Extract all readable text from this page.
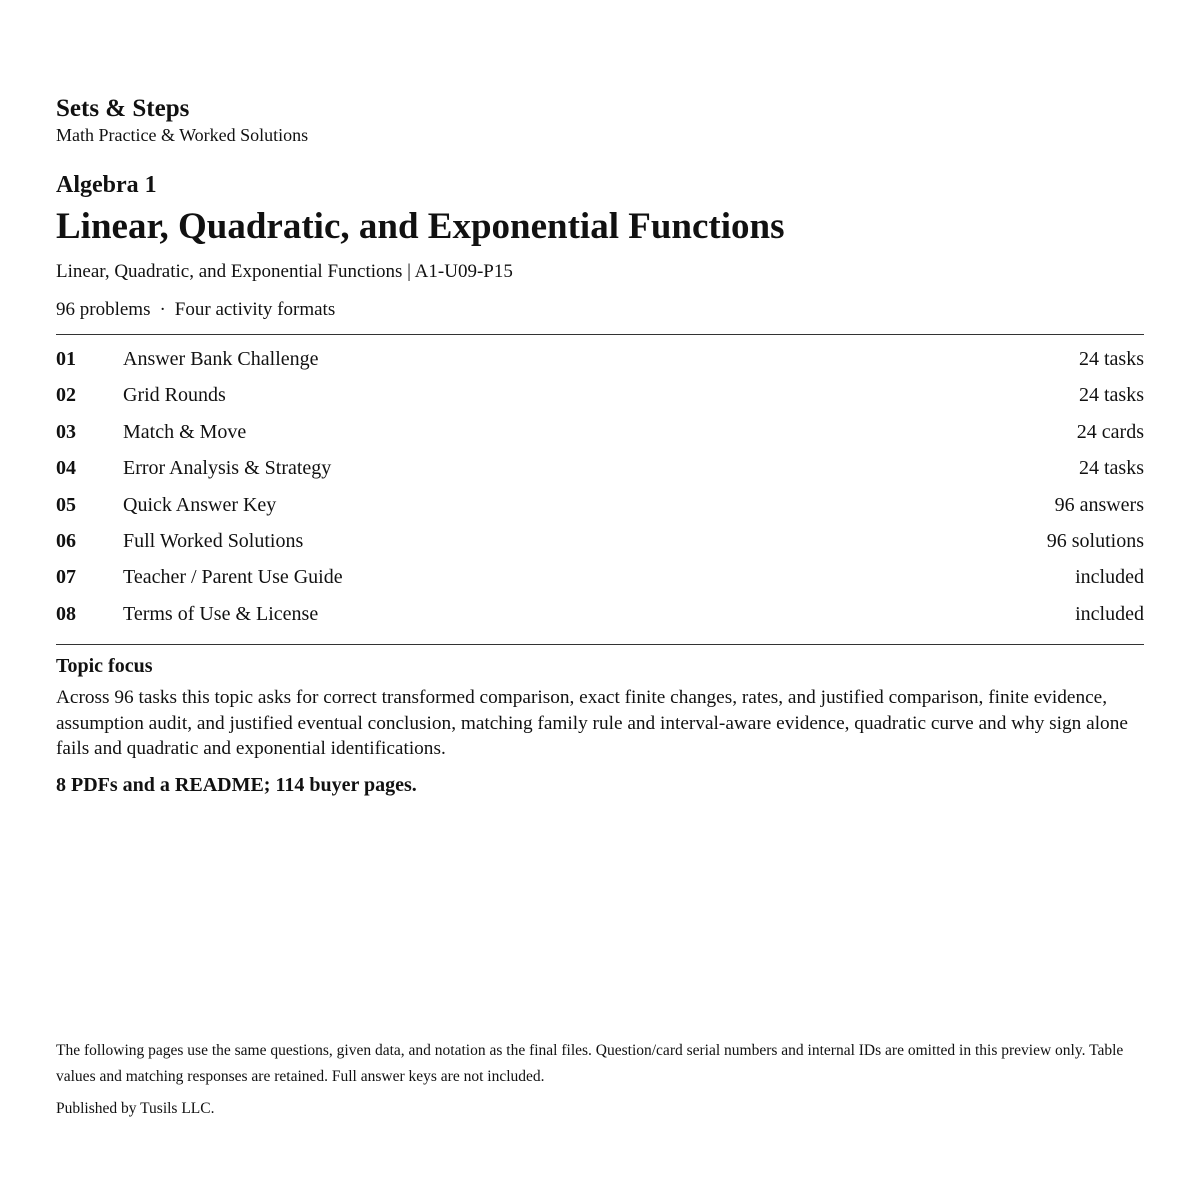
Sets & Steps

Math Practice & Worked Solutions

Algebra 1
Linear, Quadratic, and Exponential Functions
Linear, Quadratic, and Exponential Functions | A1-U09-P15
96 problems · Four activity formats
01	Answer Bank Challenge	24 tasks
02	Grid Rounds	24 tasks
03	Match & Move	24 cards
04	Error Analysis & Strategy	24 tasks
05	Quick Answer Key	96 answers
06	Full Worked Solutions	96 solutions
07	Teacher / Parent Use Guide	included
08	Terms of Use & License	included
Topic focus
Across 96 tasks this topic asks for correct transformed comparison, exact finite changes, rates, and justified comparison, finite evidence, assumption audit, and justified eventual conclusion, matching family rule and interval-aware evidence, quadratic curve and why sign alone fails and quadratic and exponential identifications.
8 PDFs and a README; 114 buyer pages.
The following pages use the same questions, given data, and notation as the final files. Question/card serial numbers and internal IDs are omitted in this preview only. Table values and matching responses are retained. Full answer keys are not included.
Published by Tusils LLC.
